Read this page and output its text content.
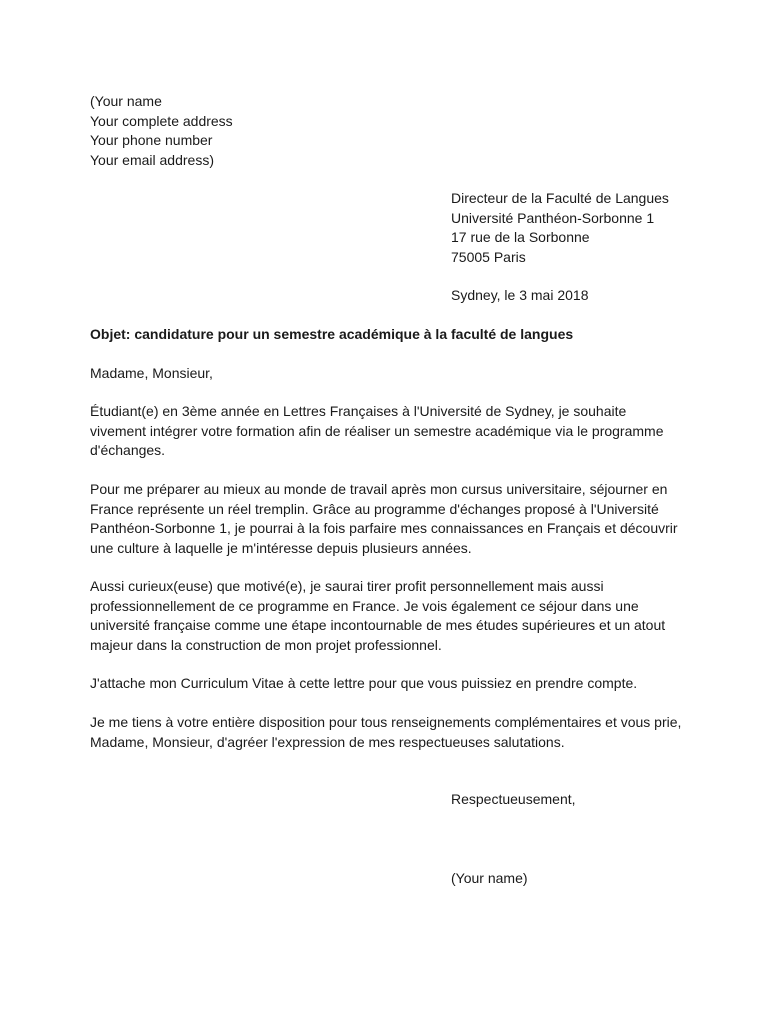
(Your name
Your complete address
Your phone number
Your email address)
Directeur de la Faculté de Langues
Université Panthéon-Sorbonne 1
17 rue de la Sorbonne
75005 Paris
Sydney, le 3 mai 2018
Objet: candidature pour un semestre académique à la faculté de langues
Madame, Monsieur,
Étudiant(e) en 3ème année en Lettres Françaises à l'Université de Sydney, je souhaite
vivement intégrer votre formation afin de réaliser un semestre académique via le programme
d'échanges.
Pour me préparer au mieux au monde de travail après mon cursus universitaire, séjourner en
France représente un réel tremplin. Grâce au programme d'échanges proposé à l'Université
Panthéon-Sorbonne 1, je pourrai à la fois parfaire mes connaissances en Français et découvrir
une culture à laquelle je m'intéresse depuis plusieurs années.
Aussi curieux(euse) que motivé(e), je saurai tirer profit personnellement mais aussi
professionnellement de ce programme en France. Je vois également ce séjour dans une
université française comme une étape incontournable de mes études supérieures et un atout
majeur dans la construction de mon projet professionnel.
J'attache mon Curriculum Vitae à cette lettre pour que vous puissiez en prendre compte.
Je me tiens à votre entière disposition pour tous renseignements complémentaires et vous prie,
Madame, Monsieur, d'agréer l'expression de mes respectueuses salutations.
Respectueusement,
(Your name)
